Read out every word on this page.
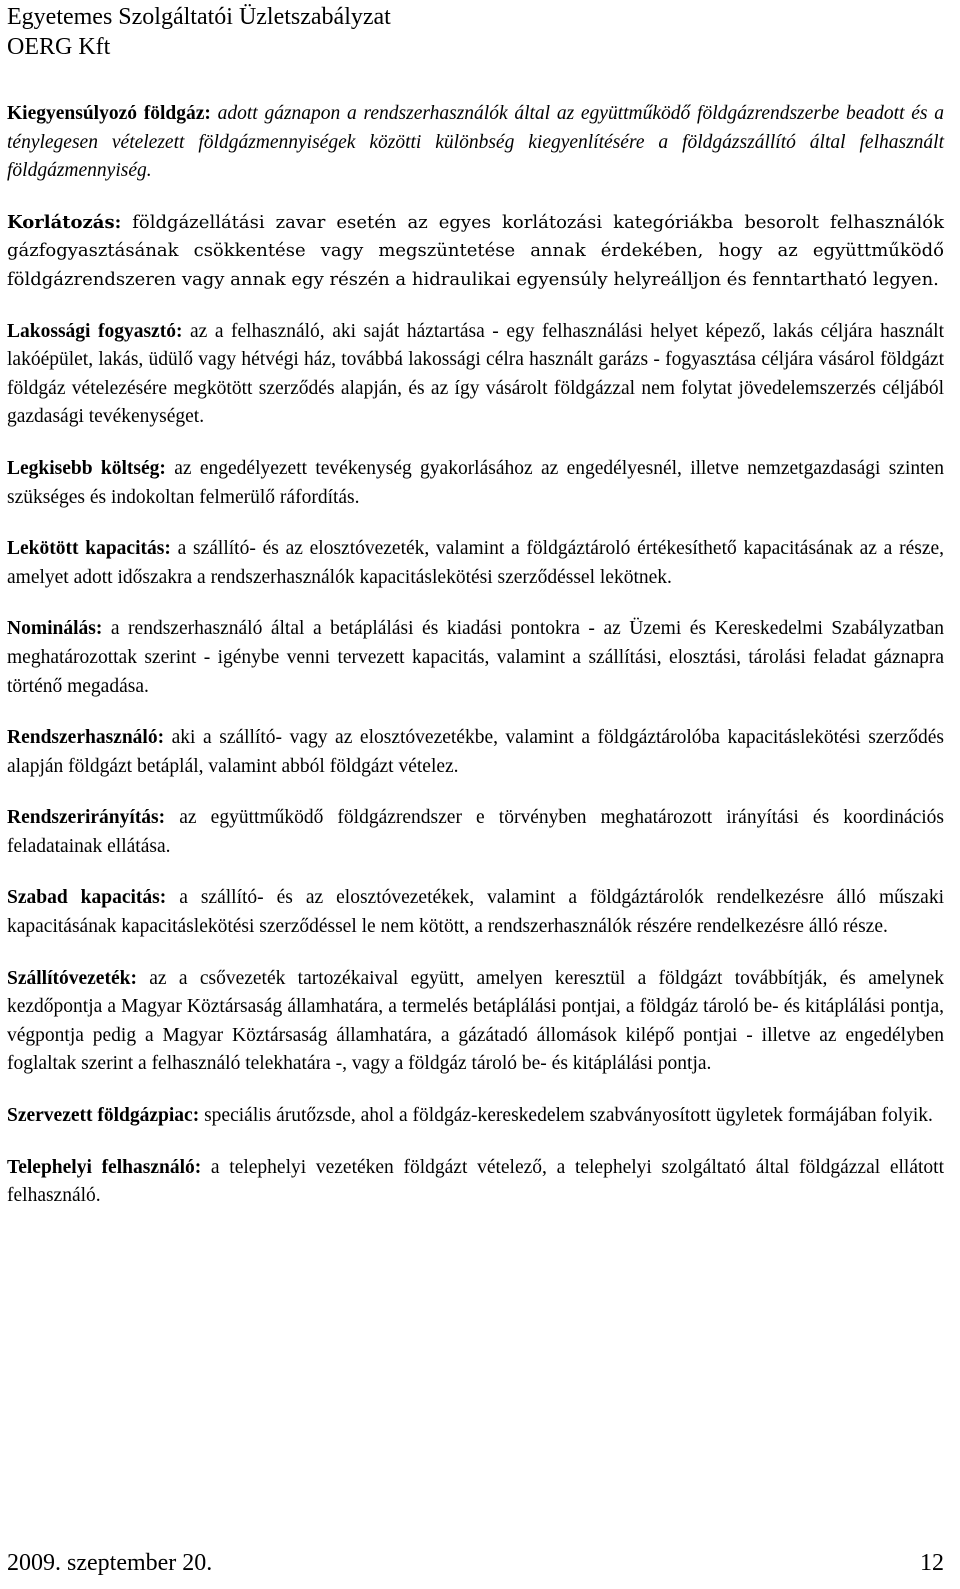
Egyetemes Szolgáltatói Üzletszabályzat
OERG Kft

Kiegyensúlyozó földgáz: adott gáznapon a rendszerhasználók által az együttműködő földgázrendszerbe beadott és a ténylegesen vételezett földgázmennyiségek közötti különbség kiegyenlítésére a földgázszállító által felhasznált földgázmennyiség.

Korlátozás: földgázellátási zavar esetén az egyes korlátozási kategóriákba besorolt felhasználók gázfogyasztásának csökkentése vagy megszüntetése annak érdekében, hogy az együttműködő földgázrendszeren vagy annak egy részén a hidraulikai egyensúly helyreálljon és fenntartható legyen.

Lakossági fogyasztó: az a felhasználó, aki saját háztartása - egy felhasználási helyet képező, lakás céljára használt lakóépület, lakás, üdülő vagy hétvégi ház, továbbá lakossági célra használt garázs - fogyasztása céljára vásárol földgázt földgáz vételezésére megkötött szerződés alapján, és az így vásárolt földgázzal nem folytat jövedelemszerzés céljából gazdasági tevékenységet.

Legkisebb költség: az engedélyezett tevékenység gyakorlásához az engedélyesnél, illetve nemzetgazdasági szinten szükséges és indokoltan felmerülő ráfordítás.

Lekötött kapacitás: a szállító- és az elosztóvezeték, valamint a földgáztároló értékesíthető kapacitásának az a része, amelyet adott időszakra a rendszerhasználók kapacitáslekötési szerződéssel lekötnek.

Nominálás: a rendszerhasználó által a betáplálási és kiadási pontokra - az Üzemi és Kereskedelmi Szabályzatban meghatározottak szerint - igénybe venni tervezett kapacitás, valamint a szállítási, elosztási, tárolási feladat gáznapra történő megadása.

Rendszerhasználó: aki a szállító- vagy az elosztóvezetékbe, valamint a földgáztárolóba kapacitáslekötési szerződés alapján földgázt betáplál, valamint abból földgázt vételez.

Rendszerirányítás: az együttműködő földgázrendszer e törvényben meghatározott irányítási és koordinációs feladatainak ellátása.

Szabad kapacitás: a szállító- és az elosztóvezetékek, valamint a földgáztárolók rendelkezésre álló műszaki kapacitásának kapacitáslekötési szerződéssel le nem kötött, a rendszerhasználók részére rendelkezésre álló része.

Szállítóvezeték: az a csővezeték tartozékaival együtt, amelyen keresztül a földgázt továbbítják, és amelynek kezdőpontja a Magyar Köztársaság államhatára, a termelés betáplálási pontjai, a földgáz tároló be- és kitáplálási pontja, végpontja pedig a Magyar Köztársaság államhatára, a gázátadó állomások kilépő pontjai - illetve az engedélyben foglaltak szerint a felhasználó telekhatára -, vagy a földgáz tároló be- és kitáplálási pontja.

Szervezett földgázpiac: speciális árutőzsde, ahol a földgáz-kereskedelem szabványosított ügyletek formájában folyik.

Telephelyi felhasználó: a telephelyi vezetéken földgázt vételező, a telephelyi szolgáltató által földgázzal ellátott felhasználó.

2009. szeptember 20.	12
